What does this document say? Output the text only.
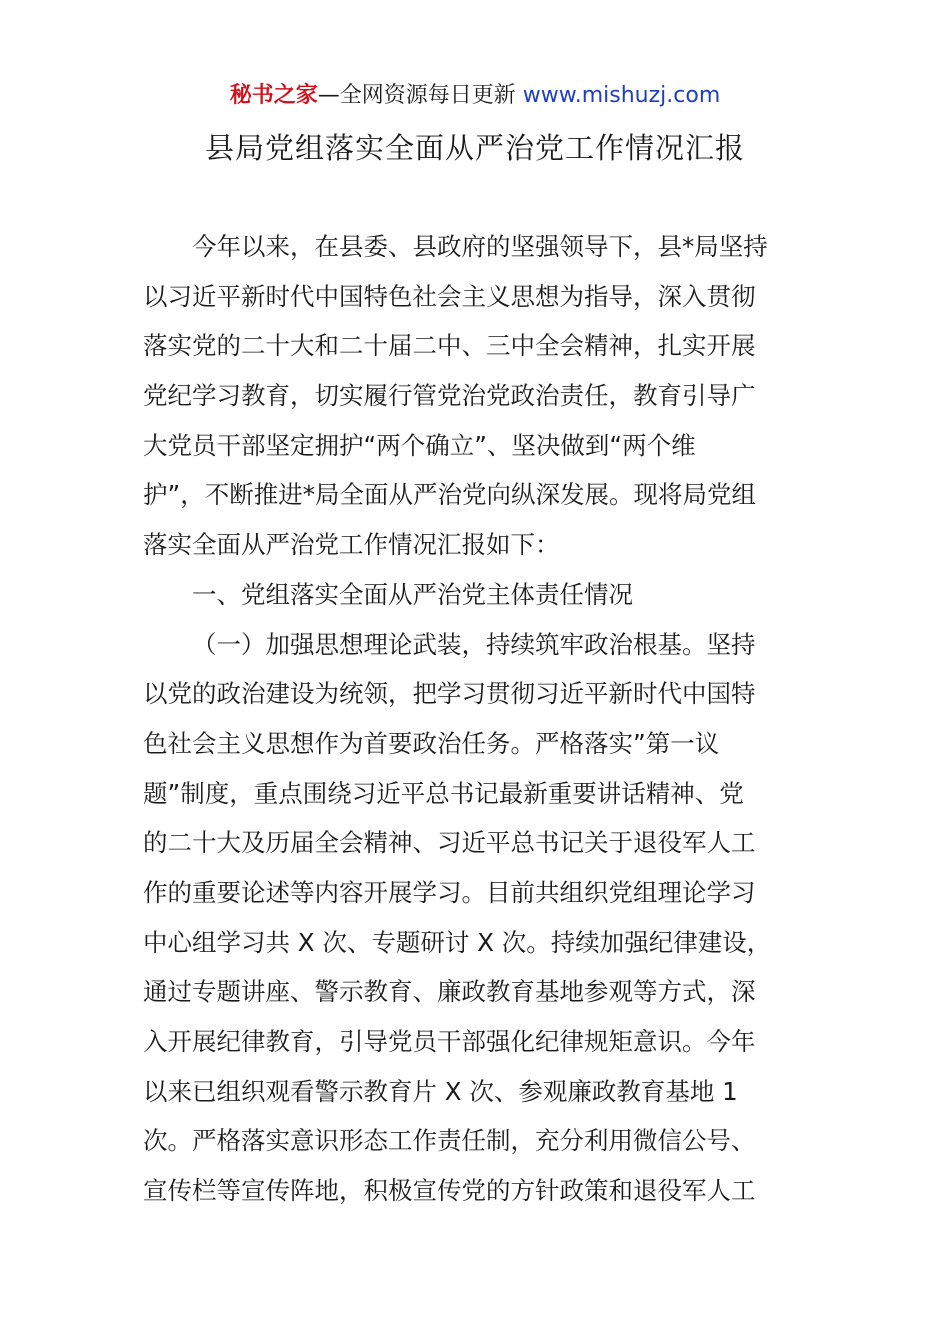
秘书之家—全网资源每日更新 www.mishuzj.com
县局党组落实全面从严治党工作情况汇报
今年以来，在县委、县政府的坚强领导下，县*局坚持
以习近平新时代中国特色社会主义思想为指导，深入贯彻
落实党的二十大和二十届二中、三中全会精神，扎实开展
党纪学习教育，切实履行管党治党政治责任，教育引导广
大党员干部坚定拥护“两个确立”、坚决做到“两个维
护”，不断推进*局全面从严治党向纵深发展。现将局党组
落实全面从严治党工作情况汇报如下：
一、党组落实全面从严治党主体责任情况
（一）加强思想理论武装，持续筑牢政治根基。坚持
以党的政治建设为统领，把学习贯彻习近平新时代中国特
色社会主义思想作为首要政治任务。严格落实”第一议
题”制度，重点围绕习近平总书记最新重要讲话精神、党
的二十大及历届全会精神、习近平总书记关于退役军人工
作的重要论述等内容开展学习。目前共组织党组理论学习
中心组学习共 X 次、专题研讨 X 次。持续加强纪律建设，
通过专题讲座、警示教育、廉政教育基地参观等方式，深
入开展纪律教育，引导党员干部强化纪律规矩意识。今年
以来已组织观看警示教育片 X 次、参观廉政教育基地 1
次。严格落实意识形态工作责任制，充分利用微信公号、
宣传栏等宣传阵地，积极宣传党的方针政策和退役军人工
